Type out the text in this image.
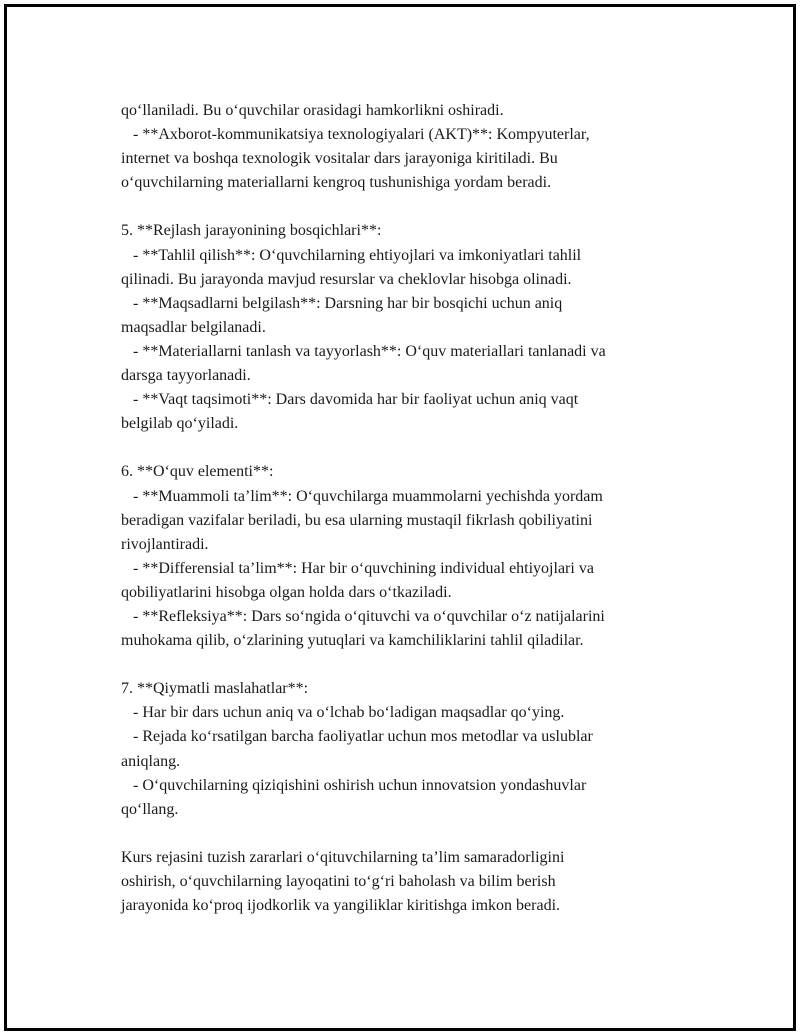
qo‘llaniladi. Bu o‘quvchilar orasidagi hamkorlikni oshiradi.
- **Axborot-kommunikatsiya texnologiyalari (AKT)**: Kompyuterlar,
internet va boshqa texnologik vositalar dars jarayoniga kiritiladi. Bu
o‘quvchilarning materiallarni kengroq tushunishiga yordam beradi.
5. **Rejlash jarayonining bosqichlari**:
- **Tahlil qilish**: O‘quvchilarning ehtiyojlari va imkoniyatlari tahlil
qilinadi. Bu jarayonda mavjud resurslar va cheklovlar hisobga olinadi.
- **Maqsadlarni belgilash**: Darsning har bir bosqichi uchun aniq
maqsadlar belgilanadi.
- **Materiallarni tanlash va tayyorlash**: O‘quv materiallari tanlanadi va
darsga tayyorlanadi.
- **Vaqt taqsimoti**: Dars davomida har bir faoliyat uchun aniq vaqt
belgilab qo‘yiladi.
6. **O‘quv elementi**:
- **Muammoli ta’lim**: O‘quvchilarga muammolarni yechishda yordam
beradigan vazifalar beriladi, bu esa ularning mustaqil fikrlash qobiliyatini
rivojlantiradi.
- **Differensial ta’lim**: Har bir o‘quvchining individual ehtiyojlari va
qobiliyatlarini hisobga olgan holda dars o‘tkaziladi.
- **Refleksiya**: Dars so‘ngida o‘qituvchi va o‘quvchilar o‘z natijalarini
muhokama qilib, o‘zlarining yutuqlari va kamchiliklarini tahlil qiladilar.
7. **Qiymatli maslahatlar**:
- Har bir dars uchun aniq va o‘lchab bo‘ladigan maqsadlar qo‘ying.
- Rejada ko‘rsatilgan barcha faoliyatlar uchun mos metodlar va uslublar
aniqlang.
- O‘quvchilarning qiziqishini oshirish uchun innovatsion yondashuvlar
qo‘llang.
Kurs rejasini tuzish zararlari o‘qituvchilarning ta’lim samaradorligini
oshirish, o‘quvchilarning layoqatini to‘g‘ri baholash va bilim berish
jarayonida ko‘proq ijodkorlik va yangiliklar kiritishga imkon beradi.
